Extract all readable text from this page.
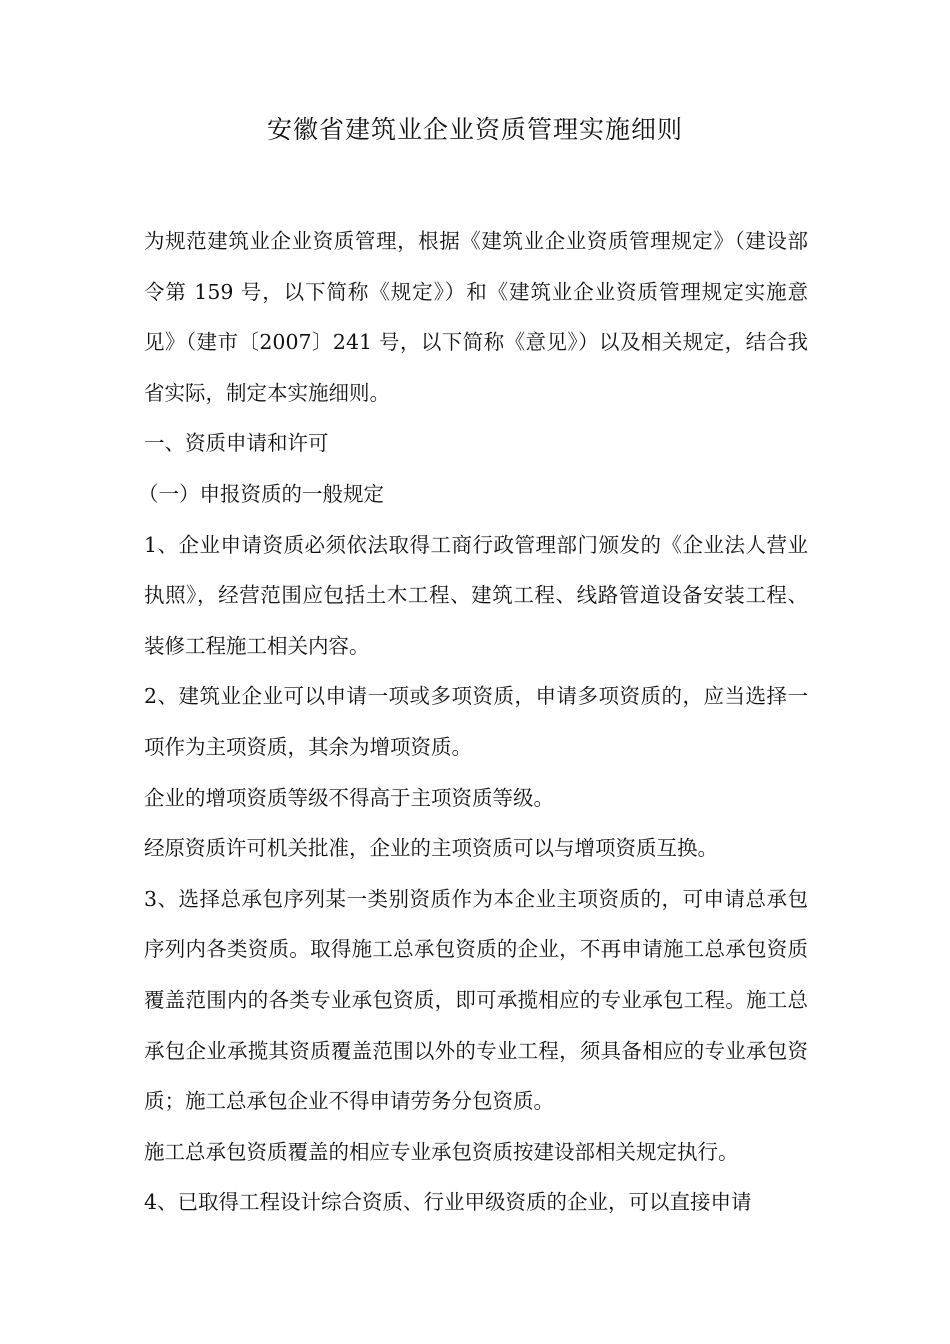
安徽省建筑业企业资质管理实施细则

为规范建筑业企业资质管理，根据《建筑业企业资质管理规定》（建设部令第 159 号，以下简称《规定》）和《建筑业企业资质管理规定实施意见》（建市〔2007〕241 号，以下简称《意见》）以及相关规定，结合我省实际，制定本实施细则。

一、资质申请和许可

（一）申报资质的一般规定

1、企业申请资质必须依法取得工商行政管理部门颁发的《企业法人营业执照》，经营范围应包括土木工程、建筑工程、线路管道设备安装工程、装修工程施工相关内容。

2、建筑业企业可以申请一项或多项资质，申请多项资质的，应当选择一项作为主项资质，其余为增项资质。

企业的增项资质等级不得高于主项资质等级。

经原资质许可机关批准，企业的主项资质可以与增项资质互换。

3、选择总承包序列某一类别资质作为本企业主项资质的，可申请总承包序列内各类资质。取得施工总承包资质的企业，不再申请施工总承包资质覆盖范围内的各类专业承包资质，即可承揽相应的专业承包工程。施工总承包企业承揽其资质覆盖范围以外的专业工程，须具备相应的专业承包资质；施工总承包企业不得申请劳务分包资质。

施工总承包资质覆盖的相应专业承包资质按建设部相关规定执行。

4、已取得工程设计综合资质、行业甲级资质的企业，可以直接申请
